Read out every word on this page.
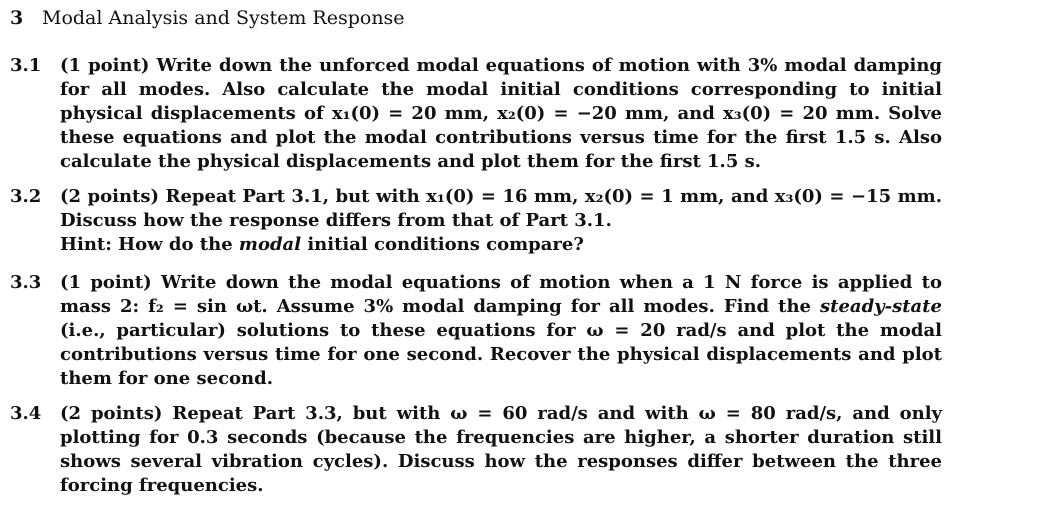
3 Modal Analysis and System Response
3.1 (1 point) Write down the unforced modal equations of motion with 3% modal damping for all modes. Also calculate the modal initial conditions corresponding to initial physical displacements of x₁(0) = 20 mm, x₂(0) = −20 mm, and x₃(0) = 20 mm. Solve these equations and plot the modal contributions versus time for the first 1.5 s. Also calculate the physical displacements and plot them for the first 1.5 s.

3.2 (2 points) Repeat Part 3.1, but with x₁(0) = 16 mm, x₂(0) = 1 mm, and x₃(0) = −15 mm. Discuss how the response differs from that of Part 3.1.

Hint: How do the modal initial conditions compare?

3.3 (1 point) Write down the modal equations of motion when a 1 N force is applied to mass 2: f₂ = sin ωt. Assume 3% modal damping for all modes. Find the steady-state (i.e., particular) solutions to these equations for ω = 20 rad/s and plot the modal contributions versus time for one second. Recover the physical displacements and plot them for one second.

3.4 (2 points) Repeat Part 3.3, but with ω = 60 rad/s and with ω = 80 rad/s, and only plotting for 0.3 seconds (because the frequencies are higher, a shorter duration still shows several vibration cycles). Discuss how the responses differ between the three forcing frequencies.
